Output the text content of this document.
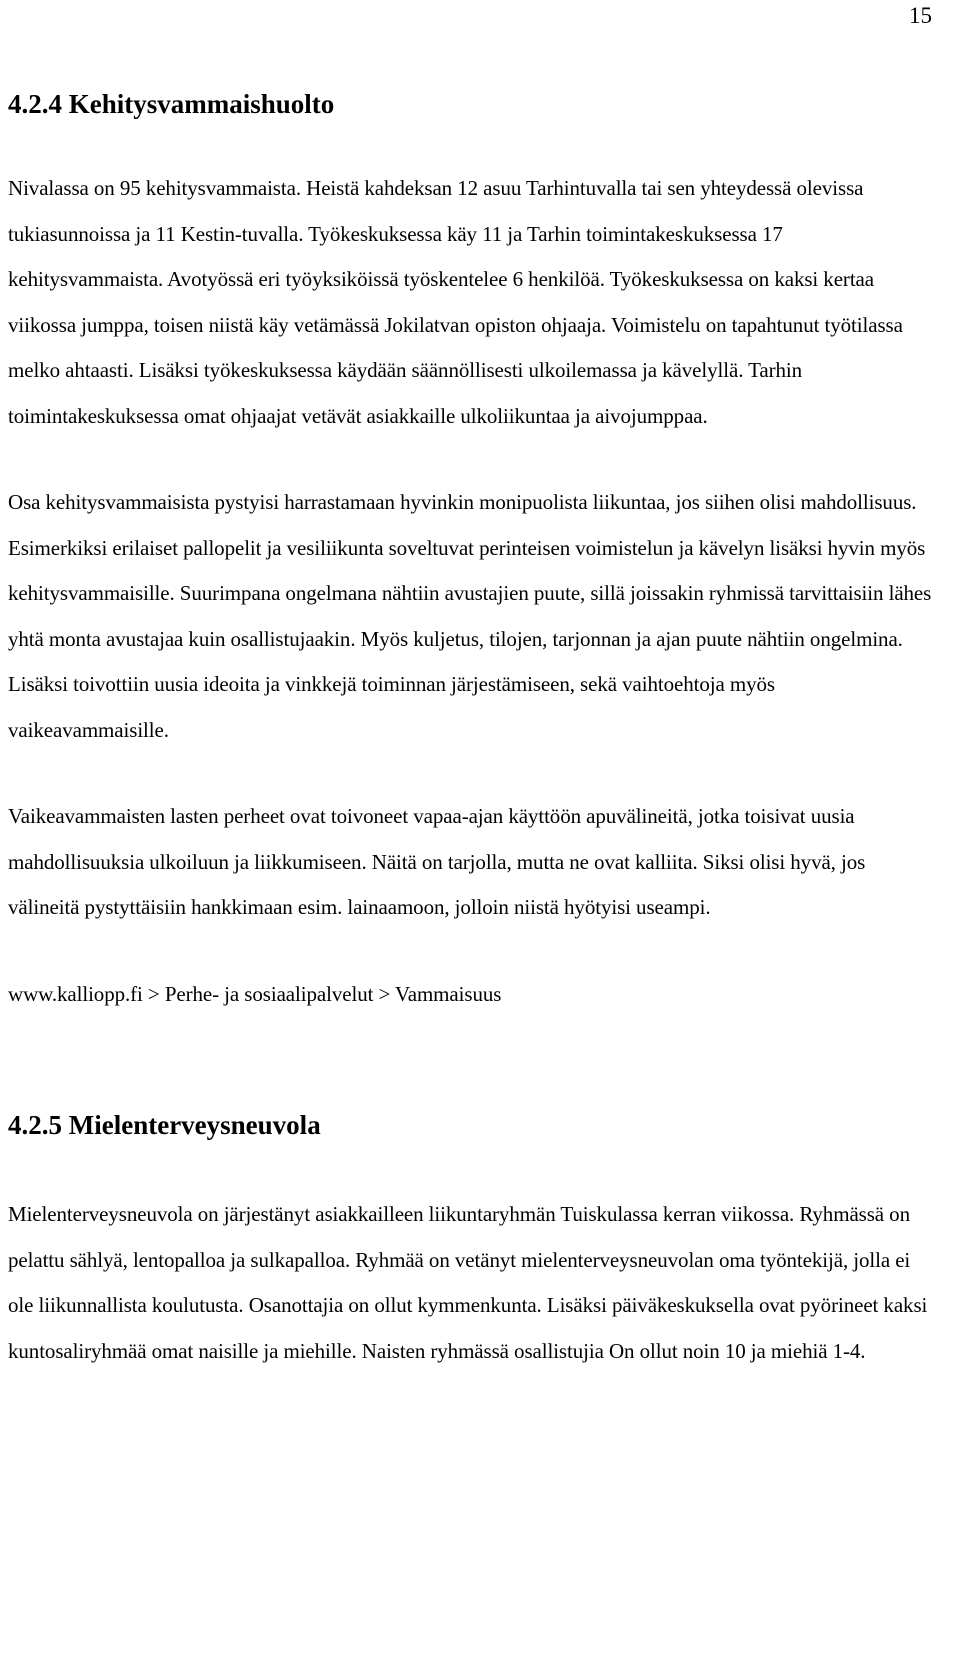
15
4.2.4 Kehitysvammaishuolto

Nivalassa on 95 kehitysvammaista. Heistä kahdeksan 12 asuu Tarhintuvalla tai sen yhteydessä olevissa tukiasunnoissa ja 11 Kestin-tuvalla. Työkeskuksessa käy 11 ja Tarhin toimintakeskuksessa 17 kehitysvammaista. Avotyössä eri työyksiköissä työskentelee 6 henkilöä. Työkeskuksessa on kaksi kertaa viikossa jumppa, toisen niistä käy vetämässä Jokilatvan opiston ohjaaja. Voimistelu on tapahtunut työtilassa melko ahtaasti. Lisäksi työkeskuksessa käydään säännöllisesti ulkoilemassa ja kävelyllä. Tarhin toimintakeskuksessa omat ohjaajat vetävät asiakkaille ulkoliikuntaa ja aivojumppaa.

Osa kehitysvammaisista pystyisi harrastamaan hyvinkin monipuolista liikuntaa, jos siihen olisi mahdollisuus. Esimerkiksi erilaiset pallopelit ja vesiliikunta soveltuvat perinteisen voimistelun ja kävelyn lisäksi hyvin myös kehitysvammaisille. Suurimpana ongelmana nähtiin avustajien puute, sillä joissakin ryhmissä tarvittaisiin lähes yhtä monta avustajaa kuin osallistujaakin. Myös kuljetus, tilojen, tarjonnan ja ajan puute nähtiin ongelmina. Lisäksi toivottiin uusia ideoita ja vinkkejä toiminnan järjestämiseen, sekä vaihtoehtoja myös vaikeavammaisille.

Vaikeavammaisten lasten perheet ovat toivoneet vapaa-ajan käyttöön apuvälineitä, jotka toisivat uusia mahdollisuuksia ulkoiluun ja liikkumiseen. Näitä on tarjolla, mutta ne ovat kalliita. Siksi olisi hyvä, jos välineitä pystyttäisiin hankkimaan esim. lainaamoon, jolloin niistä hyötyisi useampi.

www.kalliopp.fi > Perhe- ja sosiaalipalvelut > Vammaisuus

4.2.5 Mielenterveysneuvola

Mielenterveysneuvola on järjestänyt asiakkailleen liikuntaryhmän Tuiskulassa kerran viikossa. Ryhmässä on pelattu sählyä, lentopalloa ja sulkapalloa. Ryhmää on vetänyt mielenterveysneuvolan oma työntekijä, jolla ei ole liikunnallista koulutusta. Osanottajia on ollut kymmenkunta. Lisäksi päiväkeskuksella ovat pyörineet kaksi kuntosaliryhmää omat naisille ja miehille. Naisten ryhmässä osallistujia On ollut noin 10 ja miehiä 1-4.
